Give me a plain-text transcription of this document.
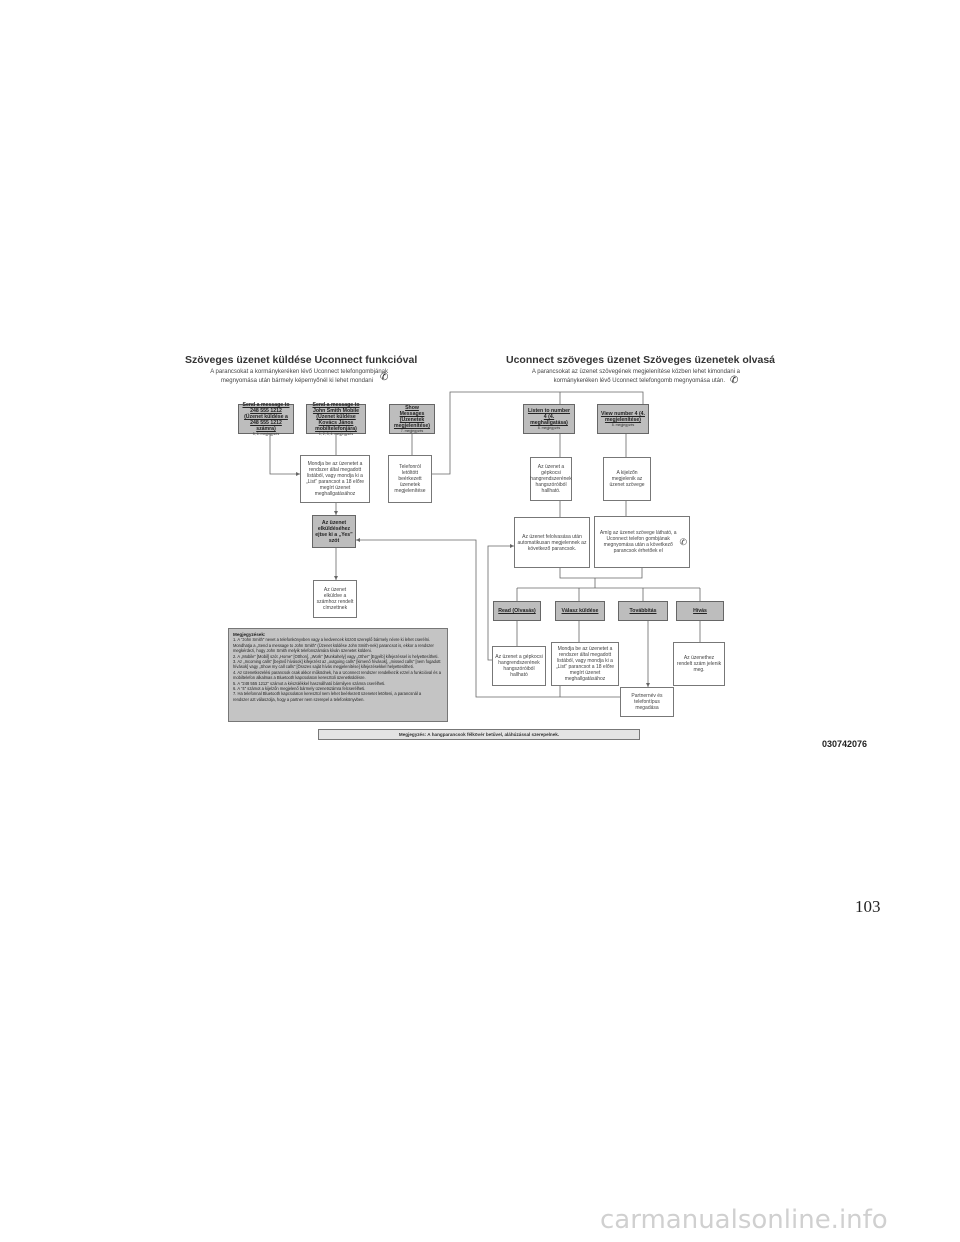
Szöveges üzenet küldése Uconnect funkcióval
A parancsokat a kormánykeréken lévő Uconnect telefongombjának
megnyomása után bármely képernyőnél ki lehet mondani ✆
Uconnect szöveges üzenet Szöveges üzenetek olvasá
A parancsokat az üzenet szövegének megjelenítése közben lehet kimondani a
kormánykeréken lévő Uconnect telefongomb megnyomása után. ✆
Send a message to 248 555 1212 (Üzenet küldése a 248 555 1212 számra)
5, 6. megjegyzés
Send a message to John Smith Mobile (Üzenet küldése Kovács János mobiltelefonjára)
1, 2, 3, 4. megjegyzés
Show Messages (Üzenetek megjelenítése)
7. megjegyzés
Mondja be az üzenetet a rendszer által megadott listából, vagy mondja ki a „List” parancsot a 18 előre megírt üzenet meghallgatásához
Telefonról letöltött beérkezett üzenetek megjelenítése
Az üzenet elküldéséhez ejtse ki a „Yes” szót
Az üzenet elküldve a számhoz rendelt címzettnek
Listen to number 4 (4. meghallgatása)
8. megjegyzés
View number 4 (4. megjelenítése)
8. megjegyzés
Az üzenet a gépkocsi hangrendszerének hangszóróiból hallható.
A kijelzőn megjelenik az üzenet szövege
Az üzenet felolvasása után automatikusan megjelennek az következő parancsok.
Amíg az üzenet szövege látható, a Uconnect telefon gombjának megnyomása után a következő parancsok érhetőek el
✆
Read (Olvasás)	Válasz küldése	Továbbítás	Hívás
Az üzenet a gépkocsi hangrendszerének hangszóróiból hallható
Mondja be az üzenetet a rendszer által megadott listából, vagy mondja ki a „List” parancsot a 18 előre megírt üzenet meghallgatásához
Az üzenethez rendelt szám jelenik meg.
Partnernév és telefontípus megadása
Megjegyzések:
1. A "John Smith" nevet a telefonkönyvben vagy a kedvencek között szereplő bármely névre ki lehet cserélni.
Mondhatja a „Send a message to John Smith” (Üzenet küldése John Smith-nek) parancsot is, ekkor a rendszer
megkérdezi, hogy John Smith melyik telefonszámára kíván üzenetet küldeni.
2. A „Mobile” [Mobil] szót „Home” [Otthon], „Work” [Munkahely] vagy „Other” [Egyéb] kifejezéssel is helyettesítheti.
3. Az „Incoming calls” [bejövő hívások] kifejezést az „outgoing calls” [kimenő hívások], „missed calls” [nem fogadott
hívások] vagy „Show my call calls” [Összes saját hívás megjelenítése] kifejezésekkel helyettesítheti.
4. Az üzenetkezelési parancsok csak akkor működnek, ha a Uconnect rendszer rendelkezik ezzel a funkcióval és a
mobiltelefon alkalmas a Bluetooth kapcsolaton keresztüli üzenetküldésre.
5. A "248 555 1212" számot a készülékkel használható bármilyen számra cserélheti.
6. A "4" számot a kijelzőn megjelenő bármely üzenetszámra felcserélheti.
7. Ha telefonnal Bluetooth kapcsolaton keresztül nem lehet beérkezett üzenetet letölteni, a parancsnál a
rendszer azt válaszolja, hogy a partner nem szerepel a telefonkönyvben.
Megjegyzés: A hangparancsok félkövér betűvel, aláhúzással szerepelnek.
030742076
103
carmanualsonline.info
